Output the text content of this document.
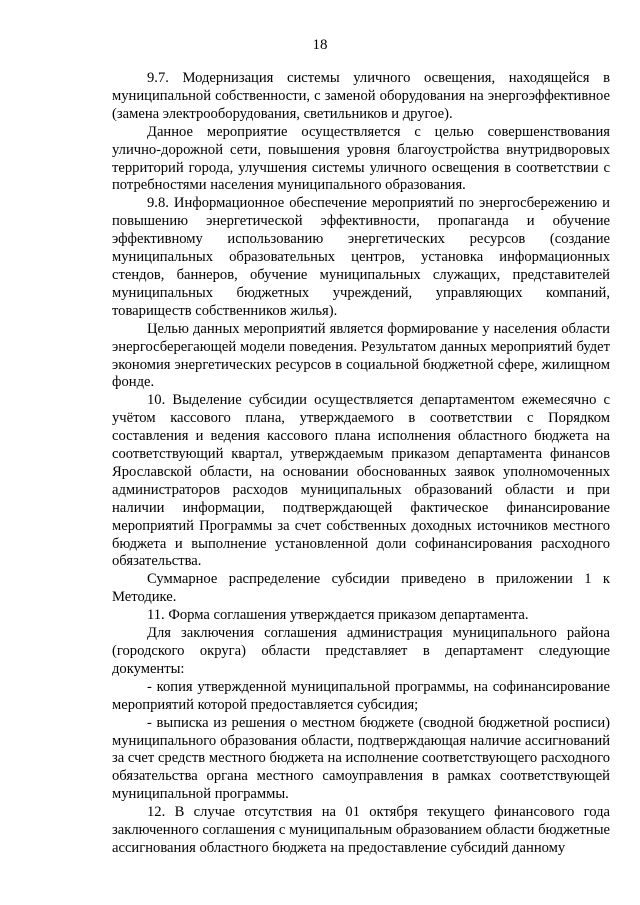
18

9.7. Модернизация системы уличного освещения, находящейся в муниципальной собственности, с заменой оборудования на энергоэффективное (замена электрооборудования, светильников и другое).

Данное мероприятие осуществляется с целью совершенствования улично-дорожной сети, повышения уровня благоустройства внутридворовых территорий города, улучшения системы уличного освещения в соответствии с потребностями населения муниципального образования.

9.8. Информационное обеспечение мероприятий по энергосбережению и повышению энергетической эффективности, пропаганда и обучение эффективному использованию энергетических ресурсов (создание муниципальных образовательных центров, установка информационных стендов, баннеров, обучение муниципальных служащих, представителей муниципальных бюджетных учреждений, управляющих компаний, товариществ собственников жилья).

Целью данных мероприятий является формирование у населения области энергосберегающей модели поведения. Результатом данных мероприятий будет экономия энергетических ресурсов в социальной бюджетной сфере, жилищном фонде.

10. Выделение субсидии осуществляется департаментом ежемесячно с учётом кассового плана, утверждаемого в соответствии с Порядком составления и ведения кассового плана исполнения областного бюджета на соответствующий квартал, утверждаемым приказом департамента финансов Ярославской области, на основании обоснованных заявок уполномоченных администраторов расходов муниципальных образований области и при наличии информации, подтверждающей фактическое финансирование мероприятий Программы за счет собственных доходных источников местного бюджета и выполнение установленной доли софинансирования расходного обязательства.

Суммарное распределение субсидии приведено в приложении 1 к Методике.

11. Форма соглашения утверждается приказом департамента.

Для заключения соглашения администрация муниципального района (городского округа) области представляет в департамент следующие документы:

- копия утвержденной муниципальной программы, на софинансирование мероприятий которой предоставляется субсидия;

- выписка из решения о местном бюджете (сводной бюджетной росписи) муниципального образования области, подтверждающая наличие ассигнований за счет средств местного бюджета на исполнение соответствующего расходного обязательства органа местного самоуправления в рамках соответствующей муниципальной программы.

12. В случае отсутствия на 01 октября текущего финансового года заключенного соглашения с муниципальным образованием области бюджетные ассигнования областного бюджета на предоставление субсидий данному
